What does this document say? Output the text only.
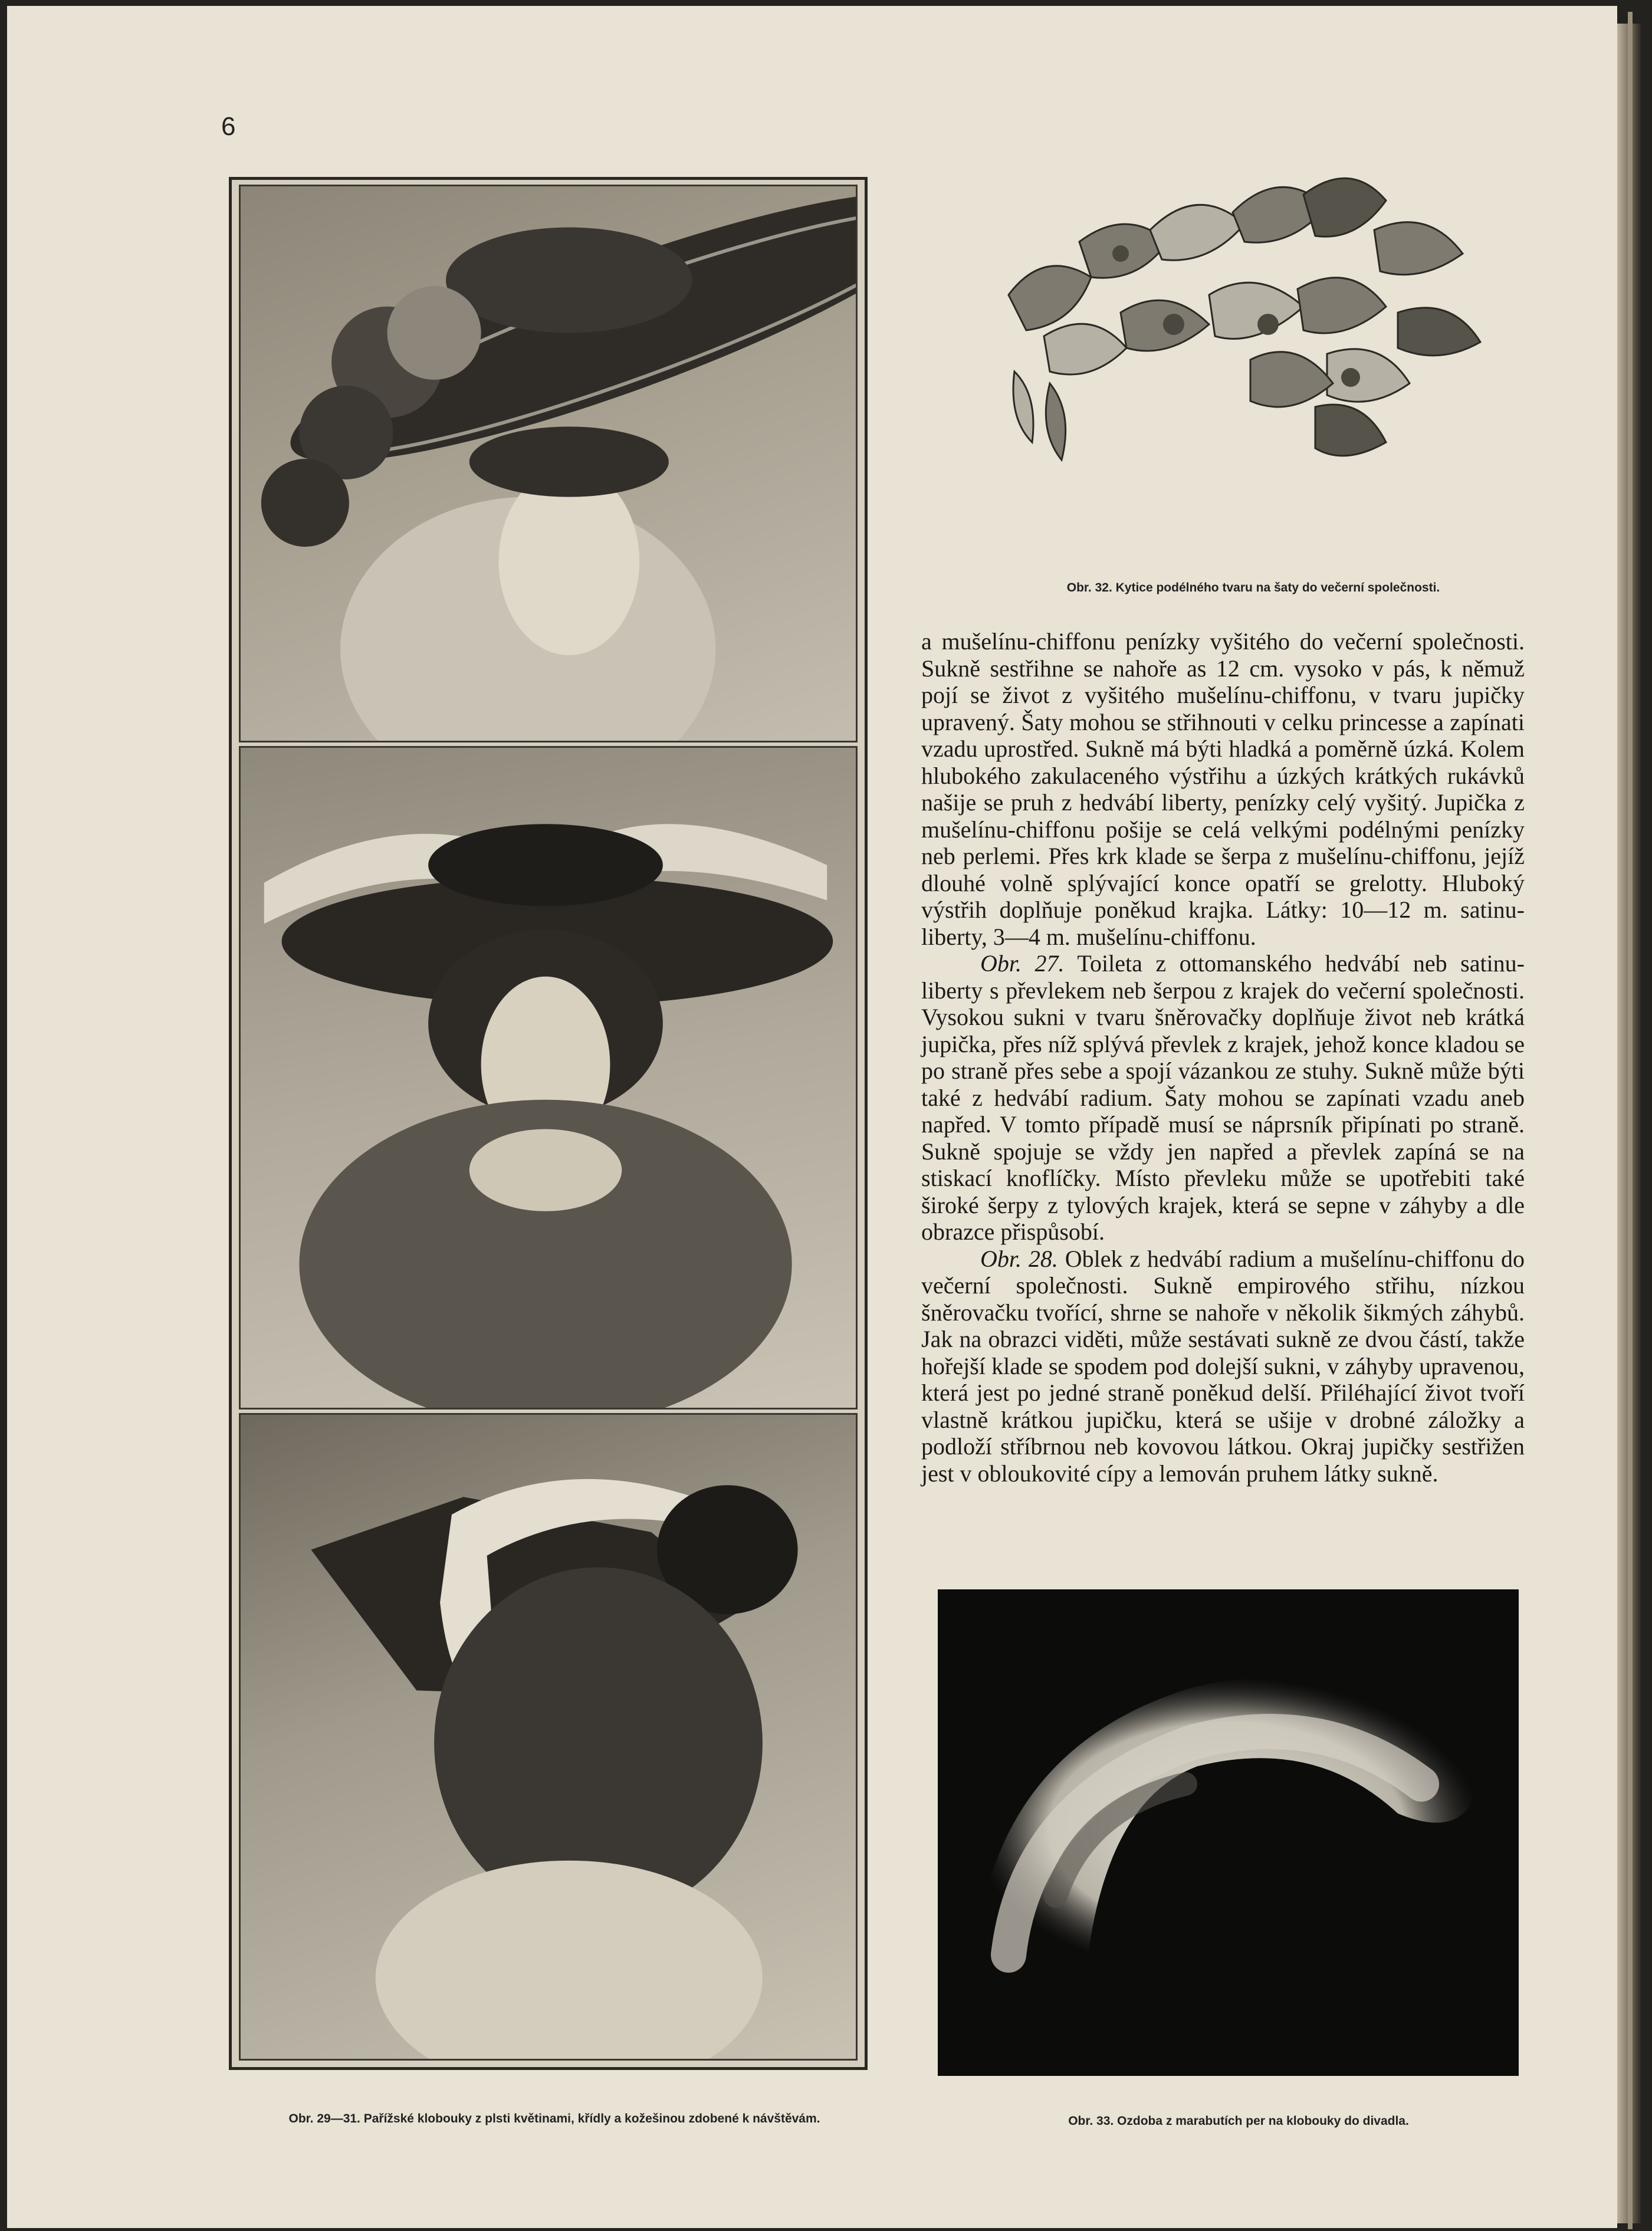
6
Obr. 29—31. Pařížské klobouky z plsti květinami, křídly a kožešinou zdobené k návštěvám.
Obr. 32. Kytice podélného tvaru na šaty do večerní společnosti.

a mušelínu-chiffonu penízky vyšitého do večerní společnosti. Sukně sestřihne se nahoře as 12 cm. vysoko v pás, k němuž pojí se život z vyšitého mušelínu-chiffonu, v tvaru jupičky upravený. Šaty mohou se střihnouti v celku princesse a zapínati vzadu uprostřed. Sukně má býti hladká a poměrně úzká. Kolem hlubokého zakulaceného výstřihu a úzkých krátkých rukávků našije se pruh z hedvábí liberty, penízky celý vyšitý. Jupička z mušelínu-chiffonu pošije se celá velkými podélnými penízky neb perlemi. Přes krk klade se šerpa z mušelínu-chiffonu, jejíž dlouhé volně splývající konce opatří se grelotty. Hluboký výstřih doplňuje poněkud krajka. Látky: 10—12 m. satinu-liberty, 3—4 m. mušelínu-chiffonu.

Obr. 27. Toileta z ottomanského hedvábí neb satinu-liberty s převlekem neb šerpou z krajek do večerní společnosti. Vysokou sukni v tvaru šněrovačky doplňuje život neb krátká jupička, přes níž splývá převlek z krajek, jehož konce kladou se po straně přes sebe a spojí vázankou ze stuhy. Sukně může býti také z hedvábí radium. Šaty mohou se zapínati vzadu aneb napřed. V tomto případě musí se náprsník připínati po straně. Sukně spojuje se vždy jen napřed a převlek zapíná se na stiskací knoflíčky. Místo převleku může se upotřebiti také široké šerpy z tylových krajek, která se sepne v záhyby a dle obrazce přispůsobí.

Obr. 28. Oblek z hedvábí radium a mušelínu-chiffonu do večerní společnosti. Sukně empirového střihu, nízkou šněrovačku tvořící, shrne se nahoře v několik šikmých záhybů. Jak na obrazci viděti, může sestávati sukně ze dvou částí, takže hořejší klade se spodem pod dolejší sukni, v záhyby upravenou, která jest po jedné straně poněkud delší. Přiléhající život tvoří vlastně krátkou jupičku, která se ušije v drobné záložky a podloží stříbrnou neb kovovou látkou. Okraj jupičky sestřižen jest v obloukovité cípy a lemován pruhem látky sukně.

Obr. 33. Ozdoba z marabutích per na klobouky do divadla.
